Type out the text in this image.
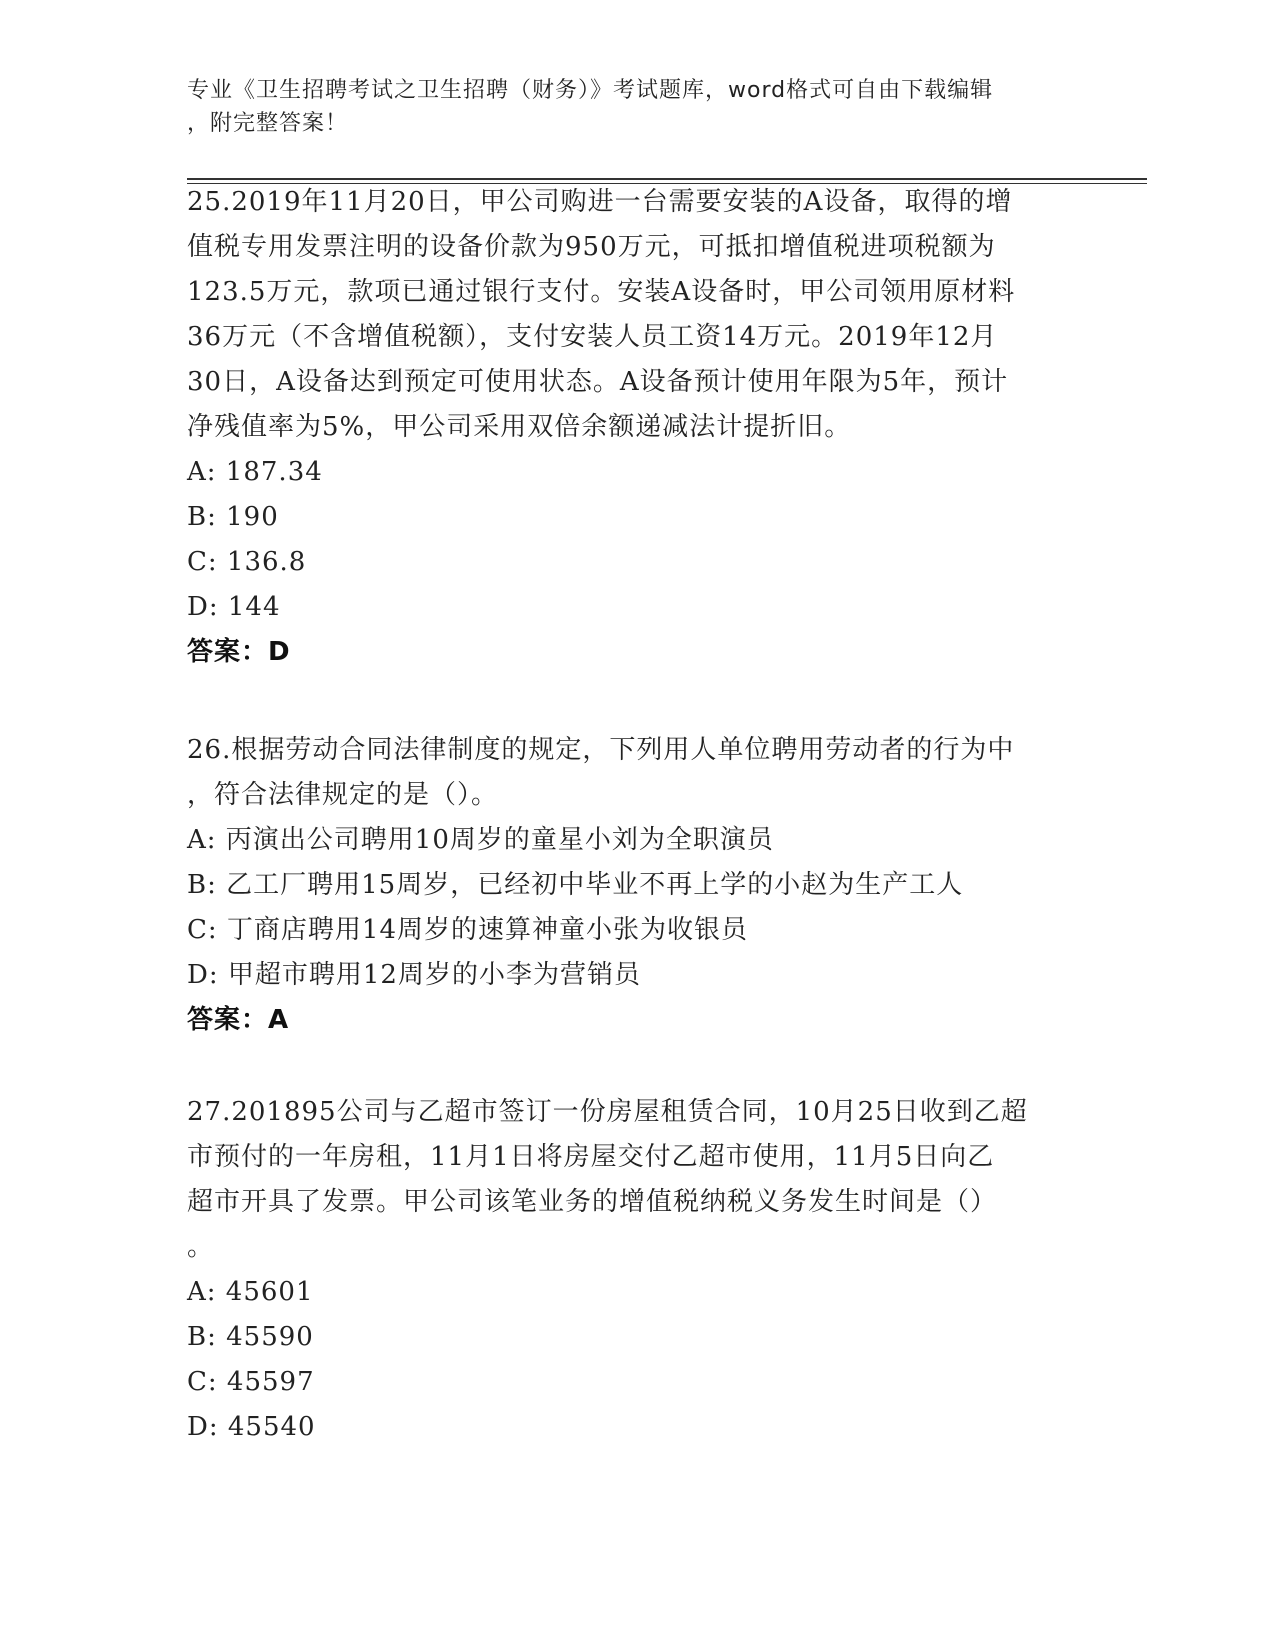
专业《卫生招聘考试之卫生招聘（财务）》考试题库，word格式可自由下载编辑
，附完整答案！
25.2019年11月20日，甲公司购进一台需要安装的A设备，取得的增
值税专用发票注明的设备价款为950万元，可抵扣增值税进项税额为
123.5万元，款项已通过银行支付。安装A设备时，甲公司领用原材料
36万元（不含增值税额），支付安装人员工资14万元。2019年12月
30日，A设备达到预定可使用状态。A设备预计使用年限为5年，预计
净残值率为5%，甲公司采用双倍余额递减法计提折旧。
A: 187.34
B: 190
C: 136.8
D: 144
答案：D
26.根据劳动合同法律制度的规定，下列用人单位聘用劳动者的行为中
，符合法律规定的是（）。
A: 丙演出公司聘用10周岁的童星小刘为全职演员
B: 乙工厂聘用15周岁，已经初中毕业不再上学的小赵为生产工人
C: 丁商店聘用14周岁的速算神童小张为收银员
D: 甲超市聘用12周岁的小李为营销员
答案：A
27.201895公司与乙超市签订一份房屋租赁合同，10月25日收到乙超
市预付的一年房租，11月1日将房屋交付乙超市使用，11月5日向乙
超市开具了发票。甲公司该笔业务的增值税纳税义务发生时间是（）
。
A: 45601
B: 45590
C: 45597
D: 45540
